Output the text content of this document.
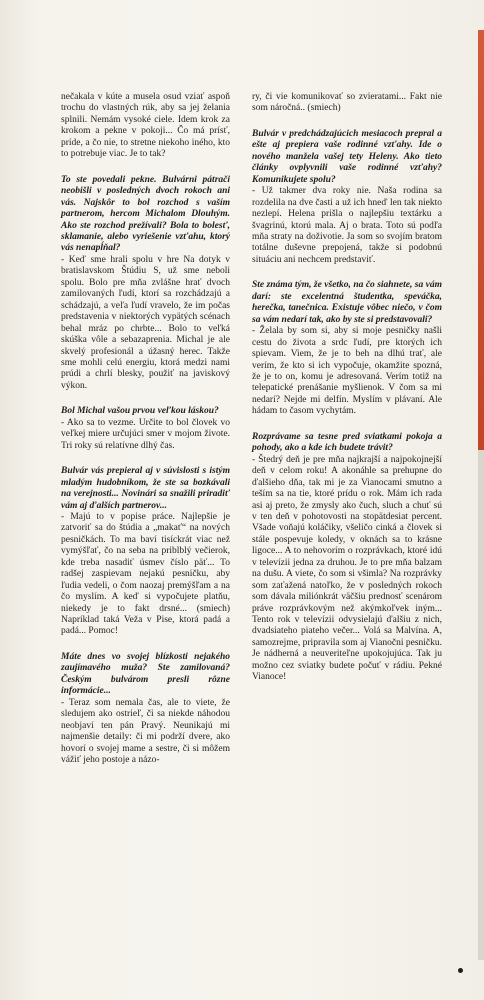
nečakala v kúte a musela osud vziať aspoň trochu do vlastných rúk, aby sa jej želania splnili. Nemám vysoké ciele. Idem krok za krokom a pekne v pokoji... Čo má prísť, príde, a čo nie, to stretne niekoho iného, kto to potrebuje viac. Je to tak?

To ste povedali pekne. Bulvárni pátrači neobišli v posledných dvoch rokoch ani vás. Najskôr to bol rozchod s vaším partnerom, hercom Michalom Dlouhým. Ako ste rozchod prežívali? Bola to bolesť, sklamanie, alebo vyriešenie vzťahu, ktorý vás nenapĺňal?

- Keď sme hrali spolu v hre Na dotyk v bratislavskom Štúdiu S, už sme neboli spolu. Bolo pre mňa zvlášne hrať dvoch zamilovaných ľudí, ktorí sa rozchádzajú a schádzajú, a veľa ľudí vravelo, že im počas predstavenia v niektorých vypätých scénach behal mráz po chrbte... Bolo to veľká skúška vôle a sebazaprenia. Michal je ale skvelý profesionál a úžasný herec. Takže sme mohli celú energiu, ktorá medzi nami prúdi a chrlí blesky, použiť na javiskový výkon.

Bol Michal vašou prvou veľkou láskou?

- Ako sa to vezme. Určite to bol človek vo veľkej miere určujúci smer v mojom živote. Tri roky sú relatívne dlhý čas.

Bulvár vás prepieral aj v súvislosti s istým mladým hudobníkom, že ste sa bozkávali na verejnosti... Novinári sa snažili priradiť vám aj ďalších partnerov...

- Majú to v popise práce. Najlepšie je zatvoriť sa do štúdia a „makať“ na nových pesničkách. To ma baví tisíckrát viac než vymýšľať, čo na seba na priblblý večierok, kde treba nasadiť úsmev číslo päť... To radšej zaspievam nejakú pesničku, aby ľudia vedeli, o čom naozaj premýšľam a na čo myslím. A keď si vypočujete platňu, niekedy je to fakt drsné... (smiech) Napríklad taká Veža v Pise, ktorá padá a padá... Pomoc!

Máte dnes vo svojej blízkosti nejakého zaujímavého muža? Ste zamilovaná? Českým bulvárom presli rôzne informácie...

- Teraz som nemala čas, ale to viete, že sledujem ako ostrieľ, či sa niekde náhodou neobjaví ten pán Pravý. Neunikajú mi najmenšie detaily: či mi podrží dvere, ako hovorí o svojej mame a sestre, či si môžem vážiť jeho postoje a názo-

ry, či vie komunikovať so zvieratami... Fakt nie som náročná.. (smiech)

Bulvár v predchádzajúcich mesiacoch prepral a ešte aj prepiera vaše rodinné vzťahy. Ide o nového manžela vašej tety Heleny. Ako tieto články ovplyvnili vaše rodinné vzťahy? Komunikujete spolu?

- Už takmer dva roky nie. Naša rodina sa rozdelila na dve časti a už ich hneď len tak niekto nezlepí. Helena prišla o najlepšiu textárku a švagrinú, ktorú mala. Aj o brata. Toto sú podľa mňa straty na doživotie. Ja som so svojím bratom totálne duševne prepojená, takže si podobnú situáciu ani nechcem predstaviť.

Ste známa tým, že všetko, na čo siahnete, sa vám darí: ste excelentná študentka, speváčka, herečka, tanečnica. Existuje vôbec niečo, v čom sa vám nedarí tak, ako by ste si predstavovali?

- Želala by som si, aby si moje pesničky našli cestu do života a srdc ľudí, pre ktorých ich spievam. Viem, že je to beh na dlhú trať, ale verím, že kto si ich vypočuje, okamžite spozná, že je to on, komu je adresovaná. Verím totiž na telepatické prenášanie myšlienok. V čom sa mi nedarí? Nejde mi delfín. Myslím v plávaní. Ale hádam to časom vychytám.

Rozprávame sa tesne pred sviatkami pokoja a pohody, ako a kde ich budete trávit?

- Štedrý deň je pre mňa najkrajší a najpokojnejší deň v celom roku! A akonáhle sa prehupne do ďalšieho dňa, tak mi je za Vianocami smutno a teším sa na tie, ktoré prídu o rok. Mám ich rada asi aj preto, že zmysly ako čuch, sluch a chuť sú v ten deň v pohotovosti na stopätdesiat percent. Všade voňajú koláčiky, všeličo cinká a človek si stále pospevuje koledy, v oknách sa to krásne ligoce... A to nehovorím o rozprávkach, ktoré idú v televízii jedna za druhou. Je to pre mňa balzam na dušu. A viete, čo som si všimla? Na rozprávky som zaťažená natoľko, že v posledných rokoch som dávala miliónkrát väčšiu prednosť scenárom práve rozprávkovým než akýmkoľvek iným... Tento rok v televízii odvysielajú ďalšiu z nich, dvadsiateho piateho večer... Volá sa Malvína. A, samozrejme, pripravila som aj Vianočni pesničku. Je nádherná a neuveriteľne upokojujúca. Tak ju možno cez sviatky budete počuť v rádiu. Pekné Vianoce!
